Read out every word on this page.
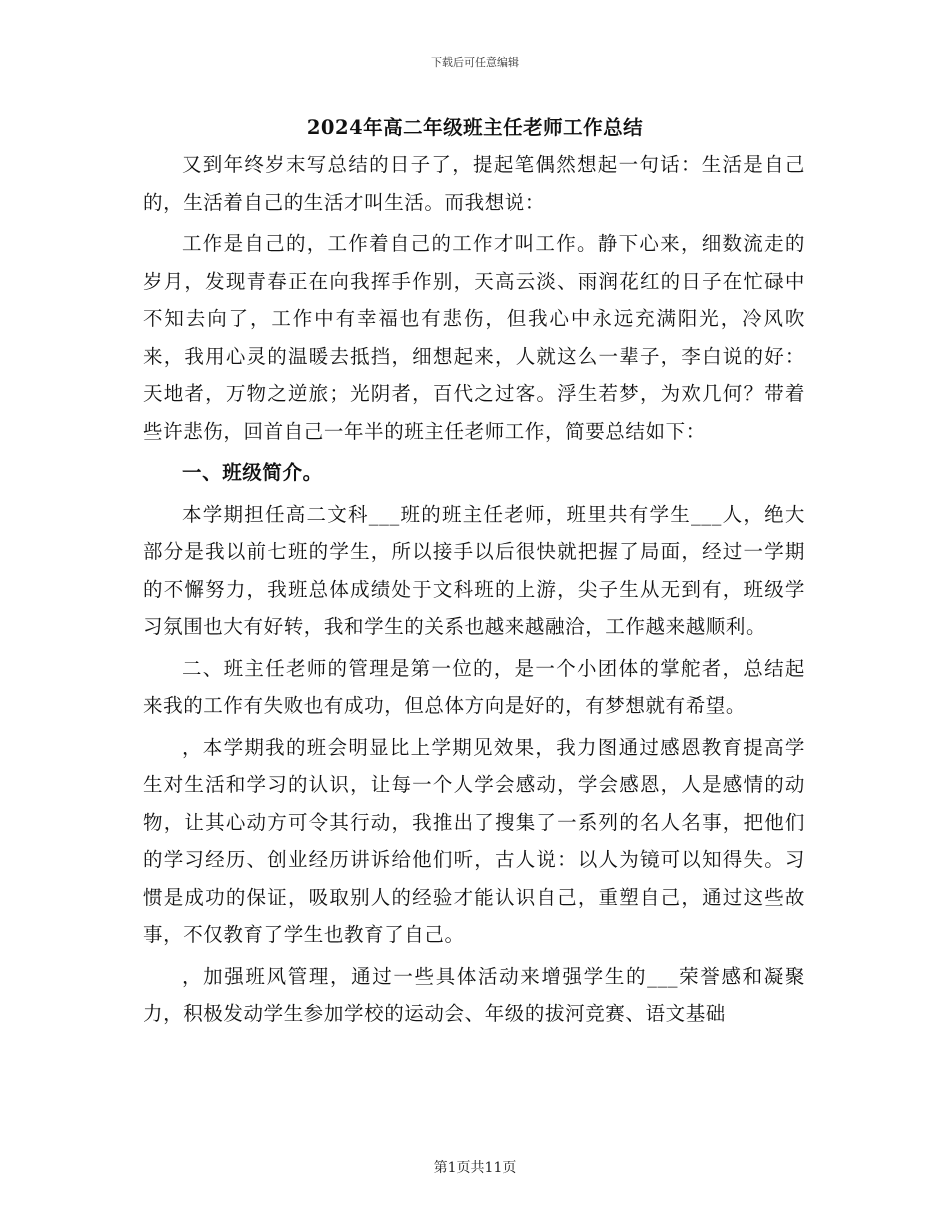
下载后可任意编辑
2024年高二年级班主任老师工作总结

又到年终岁末写总结的日子了，提起笔偶然想起一句话：生活是自己的，生活着自己的生活才叫生活。而我想说：

工作是自己的，工作着自己的工作才叫工作。静下心来，细数流走的岁月，发现青春正在向我挥手作别，天高云淡、雨润花红的日子在忙碌中不知去向了，工作中有幸福也有悲伤，但我心中永远充满阳光，冷风吹来，我用心灵的温暖去抵挡，细想起来，人就这么一辈子，李白说的好：天地者，万物之逆旅；光阴者，百代之过客。浮生若梦，为欢几何？带着些许悲伤，回首自己一年半的班主任老师工作，简要总结如下：

一、班级简介。

本学期担任高二文科___班的班主任老师，班里共有学生___人，绝大部分是我以前七班的学生，所以接手以后很快就把握了局面，经过一学期的不懈努力，我班总体成绩处于文科班的上游，尖子生从无到有，班级学习氛围也大有好转，我和学生的关系也越来越融洽，工作越来越顺利。

二、班主任老师的管理是第一位的，是一个小团体的掌舵者，总结起来我的工作有失败也有成功，但总体方向是好的，有梦想就有希望。

，本学期我的班会明显比上学期见效果，我力图通过感恩教育提高学生对生活和学习的认识，让每一个人学会感动，学会感恩，人是感情的动物，让其心动方可令其行动，我推出了搜集了一系列的名人名事，把他们的学习经历、创业经历讲诉给他们听，古人说：以人为镜可以知得失。习惯是成功的保证，吸取别人的经验才能认识自己，重塑自己，通过这些故事，不仅教育了学生也教育了自己。

，加强班风管理，通过一些具体活动来增强学生的___荣誉感和凝聚力，积极发动学生参加学校的运动会、年级的拔河竞赛、语文基础

第1页共11页
